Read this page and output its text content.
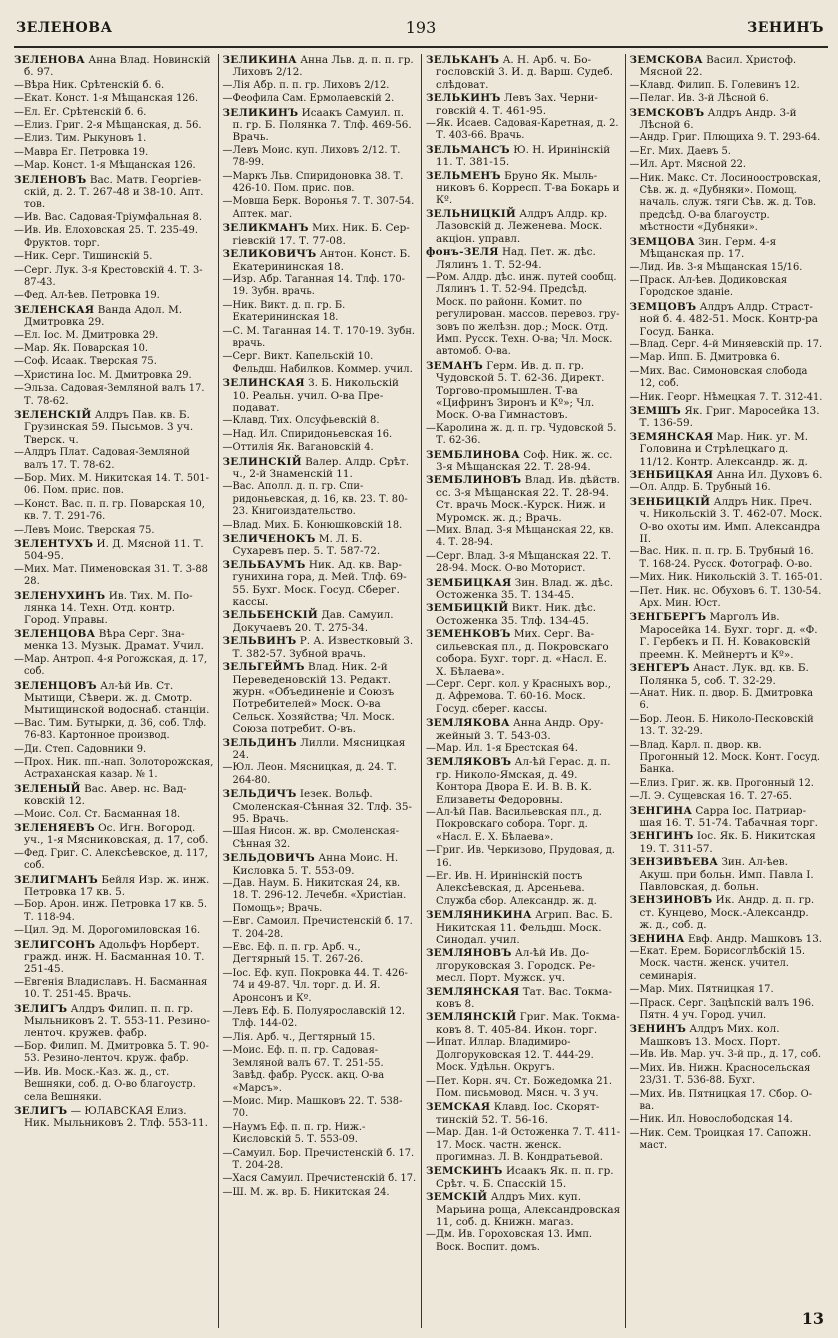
ЗЕЛЕНОВА	193	ЗЕНИНЪ
ЗЕЛЕНОВА Анна Влад. Новинскій б. 97.
—Вѣра Ник. Срѣтенскій б. 6.
—Екат. Конст. 1-я Мѣщанская 126.
—Ел. Ег. Срѣтенскій б. 6.
—Елиз. Григ. 2-я Мѣщанская, д. 56.
—Елиз. Тим. Рыкуновъ 1.
—Мавра Ег. Петровка 19.
—Мар. Конст. 1-я Мѣщанская 126.
ЗЕЛЕНОВЪ Вас. Матв. Георгіевскій, д. 2. Т. 267-48 и 38-10. Апт. тов.
—Ив. Вас. Садовая-Тріумфальная 8.
—Ив. Ив. Елоховская 25. Т. 235-49. Фруктов. торг.
—Ник. Серг. Тишинскій 5.
—Серг. Лук. 3-я Крестовскій 4. Т. 3-87-43.
—Фед. Ал-ѣев. Петровка 19.
ЗЕЛЕНСКАЯ Ванда Адол. М. Дмитровка 29.
—Ел. Іос. М. Дмитровка 29.
—Мар. Як. Поварская 10.
—Соф. Исаак. Тверская 75.
—Христина Іос. М. Дмитровка 29.
—Эльза. Садовая-Земляной валъ 17. Т. 78-62.
ЗЕЛЕНСКІЙ Алдръ Пав. кв. Б. Грузинская 59. Пысьмов. 3 уч. Тверск. ч.
—Алдръ Плат. Садовая-Земляной валъ 17. Т. 78-62.
—Бор. Мих. М. Никитская 14. Т. 501-06. Пом. прис. пов.
—Конст. Вас. п. п. гр. Поварская 10, кв. 7. Т. 291-76.
—Левъ Моис. Тверская 75.
ЗЕЛЕНТУХЪ И. Д. Мясной 11. Т. 504-95.
—Мих. Мат. Пименовская 31. Т. 3-88 28.
ЗЕЛЕНУХИНЪ Ив. Тих. М. Полянка 14. Техн. Отд. контр. Город. Управы.
ЗЕЛЕНЦОВА Вѣра Серг. Знаменка 13. Музык. Драмат. Учил.
—Мар. Антроп. 4-я Рогожская, д. 17, соб.
ЗЕЛЕНЦОВЪ Ал-ѣй Ив. Ст. Мытищи, Сѣвери. ж. д. Смотр. Мытищинской водоснаб. станціи.
—Вас. Тим. Бутырки, д. 36, соб. Тлф. 76-83. Картонное производ.
—Ди. Степ. Садовники 9.
—Прох. Ник. пп.-нап. Золоторожская, Астраханская казар. № 1.
ЗЕЛЕНЫЙ Вас. Авер. нс. Вадковскій 12.
—Моис. Сол. Ст. Басманная 18.
ЗЕЛЕНЯЕВЪ Ос. Игн. Вогород. уч., 1-я Мясниковская, д. 17, соб.
—Фед. Григ. С. Алексѣевское, д. 117, соб.
ЗЕЛИГМАНЪ Бейля Изр. ж. инж. Петровка 17 кв. 5.
—Бор. Арон. инж. Петровка 17 кв. 5. Т. 118-94.
—Цил. Эд. М. Дорогомиловская 16.
ЗЕЛИГСОНЪ Адольфъ Норберт. гражд. инж. Н. Басманная 10. Т. 251-45.
—Евгенія Владиславъ. Н. Басманная 10. Т. 251-45. Врачь.
ЗЕЛИГЪ Алдръ Филип. п. п. гр. Мыльниковъ 2. Т. 553-11. Резино-ленточ. кружев. фабр.
—Бор. Филип. М. Дмитровка 5. Т. 90-53. Резино-ленточ. круж. фабр.
—Ив. Ив. Моск.-Каз. ж. д., ст. Вешняки, соб. д. О-во благоустр. села Вешняки.
ЗЕЛИГЪ — ЮЛАВСКАЯ Елиз. Ник. Мыльниковъ 2. Тлф. 553-11.
ЗЕЛИКИНА Анна Льв. д. п. п. гр. Лиховъ 2/12.
—Лія Абр. п. п. гр. Лиховъ 2/12.
—Феофила Сам. Ермолаевскій 2.
ЗЕЛИКИНЪ Исаакъ Самуил. п. п. гр. Б. Полянка 7. Тлф. 469-56. Врачь.
—Левъ Моис. куп. Лиховъ 2/12. Т. 78-99.
—Маркъ Льв. Спиридоновка 38. Т. 426-10. Пом. прис. пов.
—Мовша Берк. Воронья 7. Т. 307-54. Аптек. маг.
ЗЕЛИКМАНЪ Мих. Ник. Б. Сергіевскій 17. Т. 77-08.
ЗЕЛИКОВИЧЪ Антон. Конст. Б. Екатерининская 18.
—Изр. Абр. Таганная 14. Тлф. 170-19. Зубн. врачь.
—Ник. Викт. д. п. гр. Б. Екатерининская 18.
—С. М. Таганная 14. Т. 170-19. Зубн. врачь.
—Серг. Викт. Капельскій 10. Фельдш. Набилков. Коммер. учил.
ЗЕЛИНСКАЯ З. Б. Никольскій 10. Реальн. учил. О-ва Преподават.
—Клавд. Тих. Олсуфьевскій 8.
—Над. Ил. Спиридоньевская 16.
—Оттилія Як. Вагановскій 4.
ЗЕЛИНСКІЙ Валер. Алдр. Срѣт. ч., 2-й Знаменскій 11.
—Вас. Аполл. д. п. гр. Спиридоньевская, д. 16, кв. 23. Т. 80-23. Книгоиздательство.
—Влад. Мих. Б. Конюшковскій 18.
ЗЕЛИЧЕНОКЪ М. Л. Б. Сухаревъ пер. 5. Т. 587-72.
ЗЕЛЬБАУМЪ Ник. Ад. кв. Варгунихина гора, д. Мей. Тлф. 69-55. Бухг. Моск. Госуд. Сберег. кассы.
ЗЕЛЬБЕНСКІЙ Дав. Самуил. Докучаевъ 20. Т. 275-34.
ЗЕЛЬВИНЪ Р. А. Известковый 3. Т. 382-57. Зубной врачь.
ЗЕЛЬГЕЙМЪ Влад. Ник. 2-й Переведеновскій 13. Редакт. журн. «Объединеніе и Союзъ Потребителей» Моск. О-ва Сельск. Хозяйства; Чл. Моск. Союза потребит. О-въ.
ЗЕЛЬДИНЪ Лилли. Мясницкая 24.
—Юл. Леон. Мясницкая, д. 24. Т. 264-80.
ЗЕЛЬДИЧЪ Іезек. Вольф. Смоленская-Сѣнная 32. Тлф. 35-95. Врачь.
—Шая Нисон. ж. вр. Смоленская-Сѣнная 32.
ЗЕЛЬДОВИЧЪ Анна Моис. Н. Кисловка 5. Т. 553-09.
—Дав. Наум. Б. Никитская 24, кв. 18. Т. 296-12. Лечебн. «Христіан. Помощь»; Врачь.
—Евг. Самоил. Пречистенскій б. 17. Т. 204-28.
—Евс. Еф. п. п. гр. Арб. ч., Дегтярный 15. Т. 267-26.
—Іос. Еф. куп. Покровка 44. Т. 426-74 и 49-87. Чл. торг. д. И. Я. Аронсонъ и Кº.
—Левъ Еф. Б. Полуярославскій 12. Тлф. 144-02.
—Лія. Арб. ч., Дегтярный 15.
—Моис. Еф. п. п. гр. Садовая-Земляной валъ 67. Т. 251-55. Завѣд. фабр. Русск. акц. О-ва «Марсъ».
—Моис. Мир. Машковъ 22. Т. 538-70.
—Наумъ Еф. п. п. гр. Ниж.-Кисловскій 5. Т. 553-09.
—Самуил. Бор. Пречистенскій б. 17. Т. 204-28.
—Хася Самуил. Пречистенскій б. 17.
—Ш. М. ж. вр. Б. Никитская 24.
ЗЕЛЬКАНЪ А. Н. Арб. ч. Богословскій 3. И. д. Варш. Судеб. слѣдоват.
ЗЕЛЬКИНЪ Левъ Зах. Черниговскій 4. Т. 461-95.
—Як. Исаев. Садовая-Каретная, д. 2. Т. 403-66. Врачь.
ЗЕЛЬМАНСЪ Ю. Н. Иринінскій 11. Т. 381-15.
ЗЕЛЬМЕНЪ Бруно Як. Мыльниковъ 6. Корресп. Т-ва Бокарь и Кº.
ЗЕЛЬНИЦКІЙ Алдръ Алдр. кр. Лазовскій д. Леженева. Моск. акціон. управл.
фонъ-ЗЕЛЯ Над. Пет. ж. дѣс. Лялинъ 1. Т. 52-94.
—Ром. Алдр. дѣс. инж. путей сообщ. Лялинъ 1. Т. 52-94. Предсѣд. Моск. по районн. Комит. по регулирован. массов. перевоз. грузовъ по желѣзн. дор.; Моск. Отд. Имп. Русск. Техн. О-ва; Чл. Моск. автомоб. О-ва.
ЗЕМАНЪ Герм. Ив. д. п. гр. Чудовской 5. Т. 62-36. Директ. Торгово-промышлен. Т-ва «Цифринъ Зиронъ и Кº»; Чл. Моск. О-ва Гимнастовъ.
—Каролина ж. д. п. гр. Чудовской 5. Т. 62-36.
ЗЕМБЛИНОВА Соф. Ник. ж. сс. 3-я Мѣщанская 22. Т. 28-94.
ЗЕМБЛИНОВЪ Влад. Ив. дѣйств. сс. 3-я Мѣщанская 22. Т. 28-94. Ст. врачь Моск.-Курск. Ниж. и Муромск. ж. д.; Врачь.
—Мих. Влад. 3-я Мѣщанская 22, кв. 4. Т. 28-94.
—Серг. Влад. 3-я Мѣщанская 22. Т. 28-94. Моск. О-во Моторист.
ЗЕМБИЦКАЯ Зин. Влад. ж. дѣс. Остоженка 35. Т. 134-45.
ЗЕМБИЦКІЙ Викт. Ник. дѣс. Остоженка 35. Тлф. 134-45.
ЗЕМЕНКОВЪ Мих. Серг. Васильевская пл., д. Покровскаго собора. Бухг. торг. д. «Насл. Е. Х. Бѣлаева».
—Серг. Серг. кол. у Красныхъ вор., д. Афремова. Т. 60-16. Моск. Госуд. сберег. кассы.
ЗЕМЛЯКОВА Анна Андр. Оружейный 3. Т. 543-03.
—Мар. Ил. 1-я Брестская 64.
ЗЕМЛЯКОВЪ Ал-ѣй Герас. д. п. гр. Николо-Ямская, д. 49. Контора Двора Е. И. В. В. К. Елизаветы Федоровны.
—Ал-ѣй Пав. Васильевская пл., д. Покровскаго собора. Торг. д. «Насл. Е. Х. Бѣлаева».
—Григ. Ив. Черкизово, Прудовая, д. 16.
—Ег. Ив. Н. Иринінскій постъ Алексѣевская, д. Арсеньева. Служба сбор. Александр. ж. д.
ЗЕМЛЯНИКИНА Агрип. Вас. Б. Никитская 11. Фельдш. Моск. Синодал. учил.
ЗЕМЛЯНОВЪ Ал-ѣй Ив. Долгоруковская 3. Городск. Ремесл. Порт. Мужск. уч.
ЗЕМЛЯНСКАЯ Тат. Вас. Токмаковъ 8.
ЗЕМЛЯНСКІЙ Григ. Мак. Токмаковъ 8. Т. 405-84. Икон. торг.
—Ипат. Иллар. Владимиро-Долгоруковская 12. Т. 444-29. Моск. Удѣльн. Округъ.
—Пет. Корн. яч. Ст. Божедомка 21. Пом. письмовод. Мясн. ч. 3 уч.
ЗЕМСКАЯ Клавд. Іос. Скоряттинскій 52. Т. 56-16.
—Мар. Дан. 1-й Остоженка 7. Т. 411-17. Моск. частн. женск. прогимназ. Л. В. Кондратьевой.
ЗЕМСКИНЪ Исаакъ Як. п. п. гр. Срѣт. ч. Б. Спасскій 15.
ЗЕМСКІЙ Алдръ Мих. куп. Марьина роща, Александровская 11, соб. д. Книжн. магаз.
—Дм. Ив. Гороховская 13. Имп. Воск. Воспит. домъ.
ЗЕМСКОВА Васил. Христоф. Мясной 22.
—Клавд. Филип. Б. Голевинъ 12.
—Пелаг. Ив. 3-й Лѣсной 6.
ЗЕМСКОВЪ Алдръ Андр. 3-й Лѣсной 6.
—Андр. Григ. Плющиха 9. Т. 293-64.
—Ег. Мих. Даевъ 5.
—Ил. Арт. Мясной 22.
—Ник. Макс. Ст. Лосиноостровская, Сѣв. ж. д. «Дубняки». Помощ. началь. служ. тяги Сѣв. ж. д. Тов. предсѣд. О-ва благоустр. мѣстности «Дубняки».
ЗЕМЦОВА Зин. Герм. 4-я Мѣщанская пр. 17.
—Лид. Ив. 3-я Мѣщанская 15/16.
—Праск. Ал-ѣев. Додиковская Городское зданіе.
ЗЕМЦОВЪ Алдръ Алдр. Страстной б. 4. 482-51. Моск. Контр-ра Госуд. Банка.
—Влад. Серг. 4-й Миняевскій пр. 17.
—Мар. Ипп. Б. Дмитровка 6.
—Мих. Вас. Симоновская слобода 12, соб.
—Ник. Георг. Нѣмецкая 7. Т. 312-41.
ЗЕМШЪ Як. Григ. Маросейка 13. Т. 136-59.
ЗЕМЯНСКАЯ Мар. Ник. уг. М. Головина и Стрѣлецкаго д. 11/12. Контр. Александр. ж. д.
ЗЕНБИЦКАЯ Анна Ил. Духовъ 6.
—Ол. Алдр. Б. Трубный 16.
ЗЕНБИЦКІЙ Алдръ Ник. Преч. ч. Никольскій 3. Т. 462-07. Моск. О-во охоты им. Имп. Александра II.
—Вас. Ник. п. п. гр. Б. Трубный 16. Т. 168-24. Русск. Фотограф. О-во.
—Мих. Ник. Никольскій 3. Т. 165-01.
—Пет. Ник. нс. Обуховъ 6. Т. 130-54. Арх. Мин. Юст.
ЗЕНГБЕРГЪ Марголъ Ив. Маросейка 14. Бухг. торг. д. «Ф. Г. Гербекъ и П. Н. Коваковскій преемн. К. Мейнертъ и Кº».
ЗЕНГЕРЪ Анаст. Лук. вд. кв. Б. Полянка 5, соб. Т. 32-29.
—Анат. Ник. п. двор. Б. Дмитровка 6.
—Бор. Леон. Б. Николо-Песковскій 13. Т. 32-29.
—Влад. Карл. п. двор. кв. Прогонный 12. Моск. Конт. Госуд. Банка.
—Елиз. Григ. ж. кв. Прогонный 12.
—Л. Э. Сущевская 16. Т. 27-65.
ЗЕНГИНА Сарра Іос. Патриаршая 16. Т. 51-74. Табачная торг.
ЗЕНГИНЪ Іос. Як. Б. Никитская 19. Т. 311-57.
ЗЕНЗИВѢЕВА Зин. Ал-ѣев. Акуш. при больн. Имп. Павла I. Павловская, д. больн.
ЗЕНЗИНОВЪ Ик. Андр. д. п. гр. ст. Кунцево, Моск.-Александр. ж. д., соб. д.
ЗЕНИНА Евф. Андр. Машковъ 13.
—Екат. Ерем. Борисоглѣбскій 15. Моск. частн. женск. учител. семинарія.
—Мар. Мих. Пятницкая 17.
—Праск. Серг. Зацѣпскій валъ 196. Пятн. 4 уч. Город. учил.
ЗЕНИНЪ Алдръ Мих. кол. Машковъ 13. Мосх. Порт.
—Ив. Ив. Мар. уч. 3-й пр., д. 17, соб.
—Мих. Ив. Нижн. Красносельская 23/31. Т. 536-88. Бухг.
—Мих. Ив. Пятницкая 17. Сбор. О-ва.
—Ник. Ил. Новослободская 14.
—Ник. Сем. Троицкая 17. Сапожн. маст.
13
